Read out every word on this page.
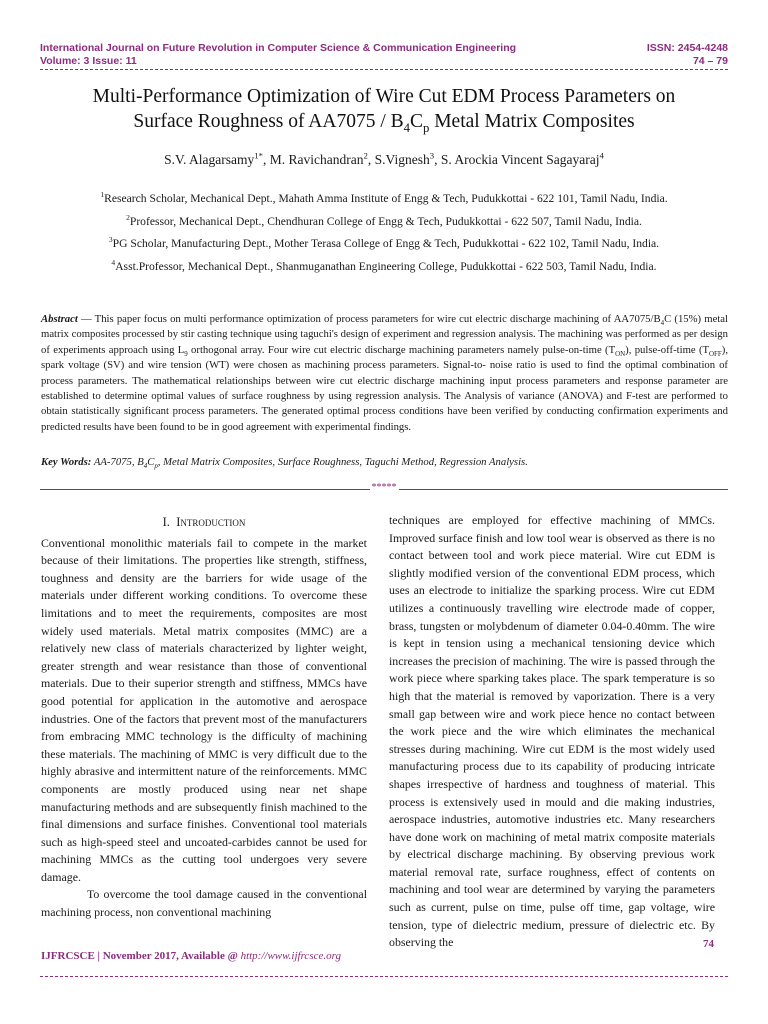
International Journal on Future Revolution in Computer Science & Communication Engineering
Volume: 3 Issue: 11
ISSN: 2454-4248
74 – 79
Multi-Performance Optimization of Wire Cut EDM Process Parameters on
Surface Roughness of $AA7075 / B_4C_p$ Metal Matrix Composites
S.V. Alagarsamy$^{1*}$, M. Ravichandran$^2$, S.Vignesh$^3$, S. Arockia Vincent Sagayaraj$^4$
$^1$Research Scholar, Mechanical Dept., Mahath Amma Institute of Engg & Tech, Pudukkottai - 622 101, Tamil Nadu, India.
$^2$Professor, Mechanical Dept., Chendhuran College of Engg & Tech, Pudukkottai - 622 507, Tamil Nadu, India.
$^3$PG Scholar, Manufacturing Dept., Mother Terasa College of Engg & Tech, Pudukkottai - 622 102, Tamil Nadu, India.
$^4$Asst.Professor, Mechanical Dept., Shanmuganathan Engineering College, Pudukkottai - 622 503, Tamil Nadu, India.
Abstract — This paper focus on multi performance optimization of process parameters for wire cut electric discharge machining of $AA7075/B_4C$ (15%) metal matrix composites processed by stir casting technique using taguchi's design of experiment and regression analysis. The machining was performed as per design of experiments approach using $L_9$ orthogonal array. Four wire cut electric discharge machining parameters namely pulse-on-time $(T_{ON})$, pulse-off-time $(T_{OFF})$, spark voltage (SV) and wire tension (WT) were chosen as machining process parameters. Signal-to- noise ratio is used to find the optimal combination of process parameters. The mathematical relationships between wire cut electric discharge machining input process parameters and response parameter are established to determine optimal values of surface roughness by using regression analysis. The Analysis of variance (ANOVA) and F-test are performed to obtain statistically significant process parameters. The generated optimal process conditions have been verified by conducting confirmation experiments and predicted results have been found to be in good agreement with experimental findings.
Key Words: AA-7075, $B_4C_p$, Metal Matrix Composites, Surface Roughness, Taguchi Method, Regression Analysis.
*****
I. Introduction

Conventional monolithic materials fail to compete in the market because of their limitations. The properties like strength, stiffness, toughness and density are the barriers for wide usage of the materials under different working conditions. To overcome these limitations and to meet the requirements, composites are most widely used materials. Metal matrix composites (MMC) are a relatively new class of materials characterized by lighter weight, greater strength and wear resistance than those of conventional materials. Due to their superior strength and stiffness, MMCs have good potential for application in the automotive and aerospace industries. One of the factors that prevent most of the manufacturers from embracing MMC technology is the difficulty of machining these materials. The machining of MMC is very difficult due to the highly abrasive and intermittent nature of the reinforcements. MMC components are mostly produced using near net shape manufacturing methods and are subsequently finish machined to the final dimensions and surface finishes. Conventional tool materials such as high-speed steel and uncoated-carbides cannot be used for machining MMCs as the cutting tool undergoes very severe damage.

To overcome the tool damage caused in the conventional machining process, non conventional machining

techniques are employed for effective machining of MMCs. Improved surface finish and low tool wear is observed as there is no contact between tool and work piece material. Wire cut EDM is slightly modified version of the conventional EDM process, which uses an electrode to initialize the sparking process. Wire cut EDM utilizes a continuously travelling wire electrode made of copper, brass, tungsten or molybdenum of diameter 0.04-0.40mm. The wire is kept in tension using a mechanical tensioning device which increases the precision of machining. The wire is passed through the work piece where sparking takes place. The spark temperature is so high that the material is removed by vaporization. There is a very small gap between wire and work piece hence no contact between the work piece and the wire which eliminates the mechanical stresses during machining. Wire cut EDM is the most widely used manufacturing process due to its capability of producing intricate shapes irrespective of hardness and toughness of material. This process is extensively used in mould and die making industries, aerospace industries, automotive industries etc. Many researchers have done work on machining of metal matrix composite materials by electrical discharge machining. By observing previous work material removal rate, surface roughness, effect of contents on machining and tool wear are determined by varying the parameters such as current, pulse on time, pulse off time, gap voltage, wire tension, type of dielectric medium, pressure of dielectric etc. By observing the	74
IJFRCSCE | November 2017, Available @ http://www.ijfrcsce.org
